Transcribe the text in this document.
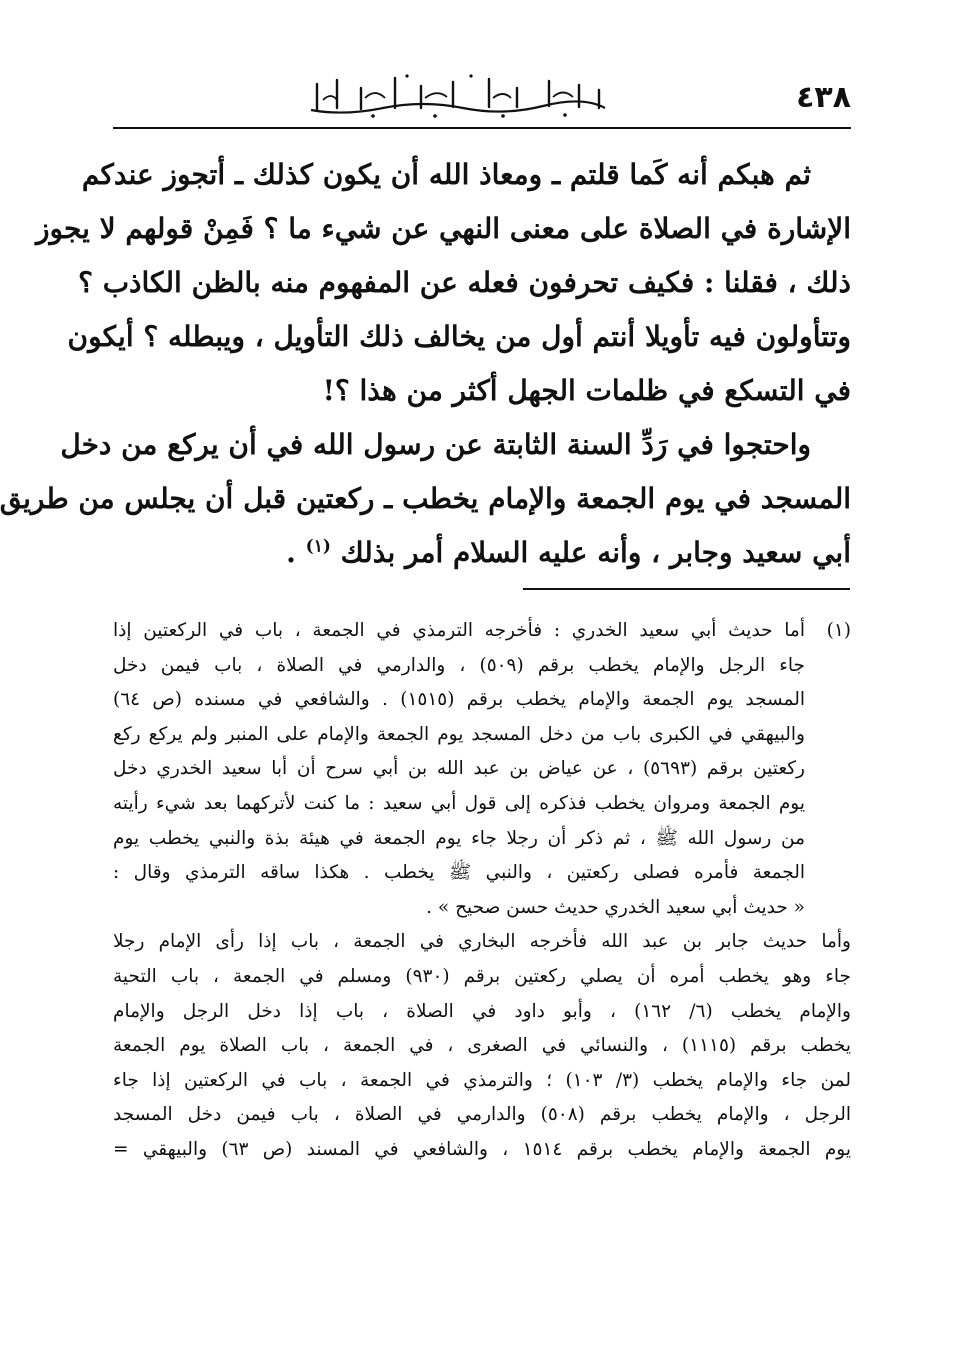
٤٣٨
ثم هبكم أنه كَما قلتم ـ ومعاذ الله أن يكون كذلك ـ أتجوز عندكم
الإشارة في الصلاة على معنى النهي عن شيء ما ؟ فَمِنْ قولهم لا يجوز
ذلك ، فقلنا : فكيف تحرفون فعله عن المفهوم منه بالظن الكاذب ؟
وتتأولون فيه تأويلا أنتم أول من يخالف ذلك التأويل ، ويبطله ؟ أيكون
في التسكع في ظلمات الجهل أكثر من هذا ؟!
واحتجوا في رَدِّ السنة الثابتة عن رسول الله في أن يركع من دخل
المسجد في يوم الجمعة والإمام يخطب ـ ركعتين قبل أن يجلس من طريق
أبي سعيد وجابر ، وأنه عليه السلام أمر بذلك $^{(١)}$ .
(١)أما حديث أبي سعيد الخدري : فأخرجه الترمذي في الجمعة ، باب في الركعتين إذا
جاء الرجل والإمام يخطب برقم (٥٠٩) ، والدارمي في الصلاة ، باب فيمن دخل
المسجد يوم الجمعة والإمام يخطب برقم (١٥١٥) . والشافعي في مسنده (ص ٦٤)
والبيهقي في الكبرى باب من دخل المسجد يوم الجمعة والإمام على المنبر ولم يركع ركع
ركعتين برقم (٥٦٩٣) ، عن عياض بن عبد الله بن أبي سرح أن أبا سعيد الخدري دخل
يوم الجمعة ومروان يخطب فذكره إلى قول أبي سعيد : ما كنت لأتركهما بعد شيء رأيته
من رسول الله ﷺ ، ثم ذكر أن رجلا جاء يوم الجمعة في هيئة بذة والنبي يخطب يوم
الجمعة فأمره فصلى ركعتين ، والنبي ﷺ يخطب . هكذا ساقه الترمذي وقال :
« حديث أبي سعيد الخدري حديث حسن صحيح » .
وأما حديث جابر بن عبد الله فأخرجه البخاري في الجمعة ، باب إذا رأى الإمام رجلا
جاء وهو يخطب أمره أن يصلي ركعتين برقم (٩٣٠) ومسلم في الجمعة ، باب التحية
والإمام يخطب (٦/ ١٦٢) ، وأبو داود في الصلاة ، باب إذا دخل الرجل والإمام
يخطب برقم (١١١٥) ، والنسائي في الصغرى ، في الجمعة ، باب الصلاة يوم الجمعة
لمن جاء والإمام يخطب (٣/ ١٠٣) ؛ والترمذي في الجمعة ، باب في الركعتين إذا جاء
الرجل ، والإمام يخطب برقم (٥٠٨) والدارمي في الصلاة ، باب فيمن دخل المسجد
يوم الجمعة والإمام يخطب برقم ١٥١٤ ، والشافعي في المسند (ص ٦٣) والبيهقي =
